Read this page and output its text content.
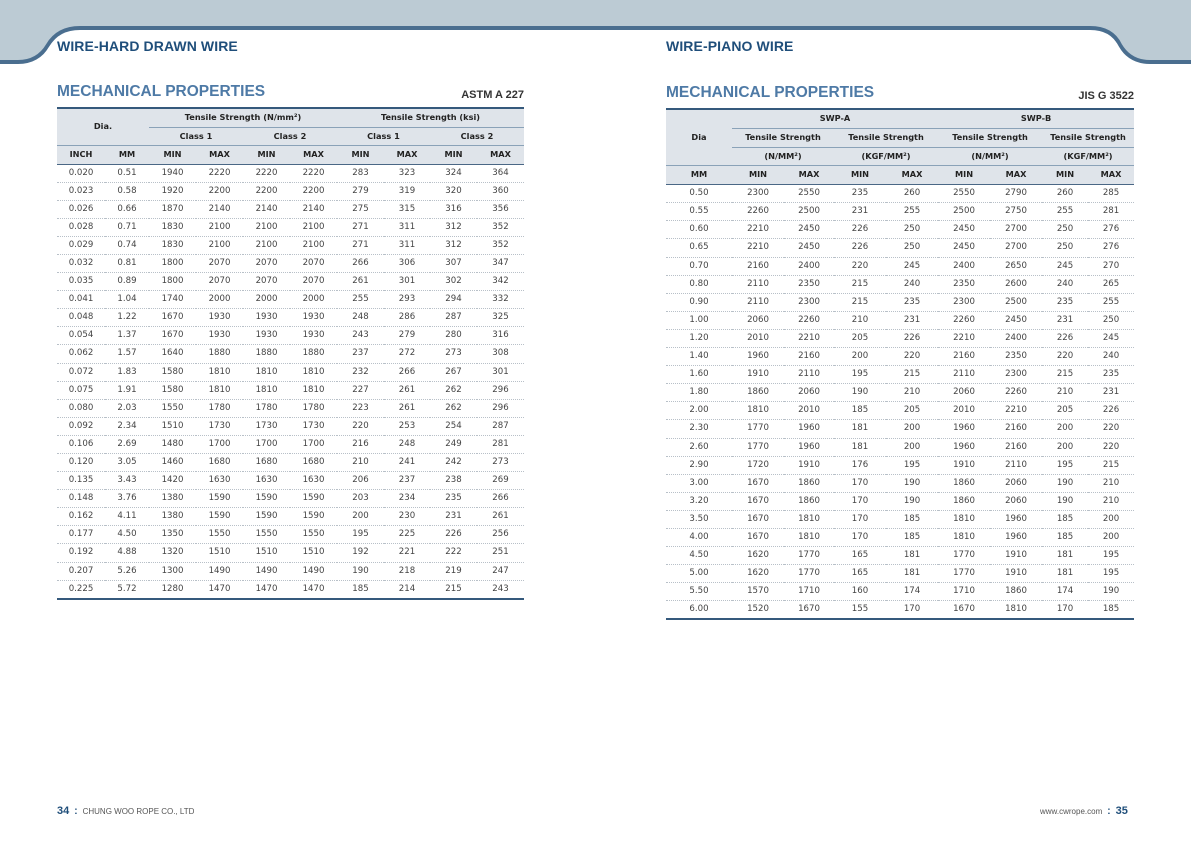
WIRE-HARD DRAWN WIRE
MECHANICAL PROPERTIES	ASTM A 227
Dia.		Tensile Strength (N/mm²)				Tensile Strength (ksi)			
		Class 1		Class 2		Class 1		Class 2	
INCH	MM	MIN	MAX	MIN	MAX	MIN	MAX	MIN	MAX
0.020	0.51	1940	2220	2220	2220	283	323	324	364
0.023	0.58	1920	2200	2200	2200	279	319	320	360
0.026	0.66	1870	2140	2140	2140	275	315	316	356
0.028	0.71	1830	2100	2100	2100	271	311	312	352
0.029	0.74	1830	2100	2100	2100	271	311	312	352
0.032	0.81	1800	2070	2070	2070	266	306	307	347
0.035	0.89	1800	2070	2070	2070	261	301	302	342
0.041	1.04	1740	2000	2000	2000	255	293	294	332
0.048	1.22	1670	1930	1930	1930	248	286	287	325
0.054	1.37	1670	1930	1930	1930	243	279	280	316
0.062	1.57	1640	1880	1880	1880	237	272	273	308
0.072	1.83	1580	1810	1810	1810	232	266	267	301
0.075	1.91	1580	1810	1810	1810	227	261	262	296
0.080	2.03	1550	1780	1780	1780	223	261	262	296
0.092	2.34	1510	1730	1730	1730	220	253	254	287
0.106	2.69	1480	1700	1700	1700	216	248	249	281
0.120	3.05	1460	1680	1680	1680	210	241	242	273
0.135	3.43	1420	1630	1630	1630	206	237	238	269
0.148	3.76	1380	1590	1590	1590	203	234	235	266
0.162	4.11	1380	1590	1590	1590	200	230	231	261
0.177	4.50	1350	1550	1550	1550	195	225	226	256
0.192	4.88	1320	1510	1510	1510	192	221	222	251
0.207	5.26	1300	1490	1490	1490	190	218	219	247
0.225	5.72	1280	1470	1470	1470	185	214	215	243
34 : CHUNG WOO ROPE CO., LTD
WIRE-PIANO WIRE
MECHANICAL PROPERTIES	JIS G 3522
Dia	SWP-A				SWP-B			
	Tensile Strength		Tensile Strength		Tensile Strength		Tensile Strength	
	(N/MM²)		(KGF/MM²)		(N/MM²)		(KGF/MM²)	
MM	MIN	MAX	MIN	MAX	MIN	MAX	MIN	MAX
0.50	2300	2550	235	260	2550	2790	260	285
0.55	2260	2500	231	255	2500	2750	255	281
0.60	2210	2450	226	250	2450	2700	250	276
0.65	2210	2450	226	250	2450	2700	250	276
0.70	2160	2400	220	245	2400	2650	245	270
0.80	2110	2350	215	240	2350	2600	240	265
0.90	2110	2300	215	235	2300	2500	235	255
1.00	2060	2260	210	231	2260	2450	231	250
1.20	2010	2210	205	226	2210	2400	226	245
1.40	1960	2160	200	220	2160	2350	220	240
1.60	1910	2110	195	215	2110	2300	215	235
1.80	1860	2060	190	210	2060	2260	210	231
2.00	1810	2010	185	205	2010	2210	205	226
2.30	1770	1960	181	200	1960	2160	200	220
2.60	1770	1960	181	200	1960	2160	200	220
2.90	1720	1910	176	195	1910	2110	195	215
3.00	1670	1860	170	190	1860	2060	190	210
3.20	1670	1860	170	190	1860	2060	190	210
3.50	1670	1810	170	185	1810	1960	185	200
4.00	1670	1810	170	185	1810	1960	185	200
4.50	1620	1770	165	181	1770	1910	181	195
5.00	1620	1770	165	181	1770	1910	181	195
5.50	1570	1710	160	174	1710	1860	174	190
6.00	1520	1670	155	170	1670	1810	170	185
www.cwrope.com : 35
